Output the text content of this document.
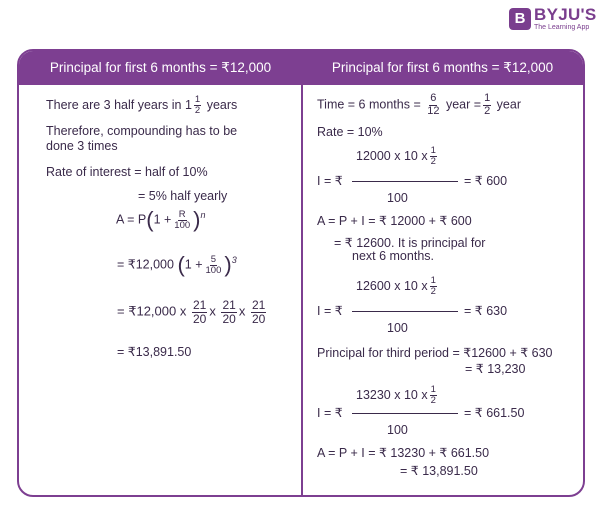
B BYJU'S
The Learning App
Principal for first 6 months = ₹12,000	Principal for first 6 months = ₹12,000
There are 3 half years in $1 \frac{1}{2}$ years
Therefore, compounding has to be
done 3 times
Rate of interest = half of 10%
= 5% half yearly
$A = P(1 + \frac{R}{100} )^n$
= ₹12,000 $(1 + \frac{5}{100} )^3$
= ₹12,000 x $\frac{21}{20}$ x $\frac{21}{20}$ x $\frac{21}{20}$
= ₹13,891.50
Time = 6 months = $\frac{6}{12}$ year = $\frac{1}{2}$ year
Rate = 10%
12000 x 10 x $\frac{1}{2}$
I = ₹	= ₹ 600
100
A = P + I = ₹ 12000 + ₹ 600
= ₹ 12600. It is principal for
next 6 months.
12600 x 10 x $\frac{1}{2}$
I = ₹	= ₹ 630
100
Principal for third period = ₹12600 + ₹ 630
= ₹ 13,230
13230 x 10 x $\frac{1}{2}$
I = ₹	= ₹ 661.50
100
A = P + I = ₹ 13230 + ₹ 661.50
= ₹ 13,891.50
